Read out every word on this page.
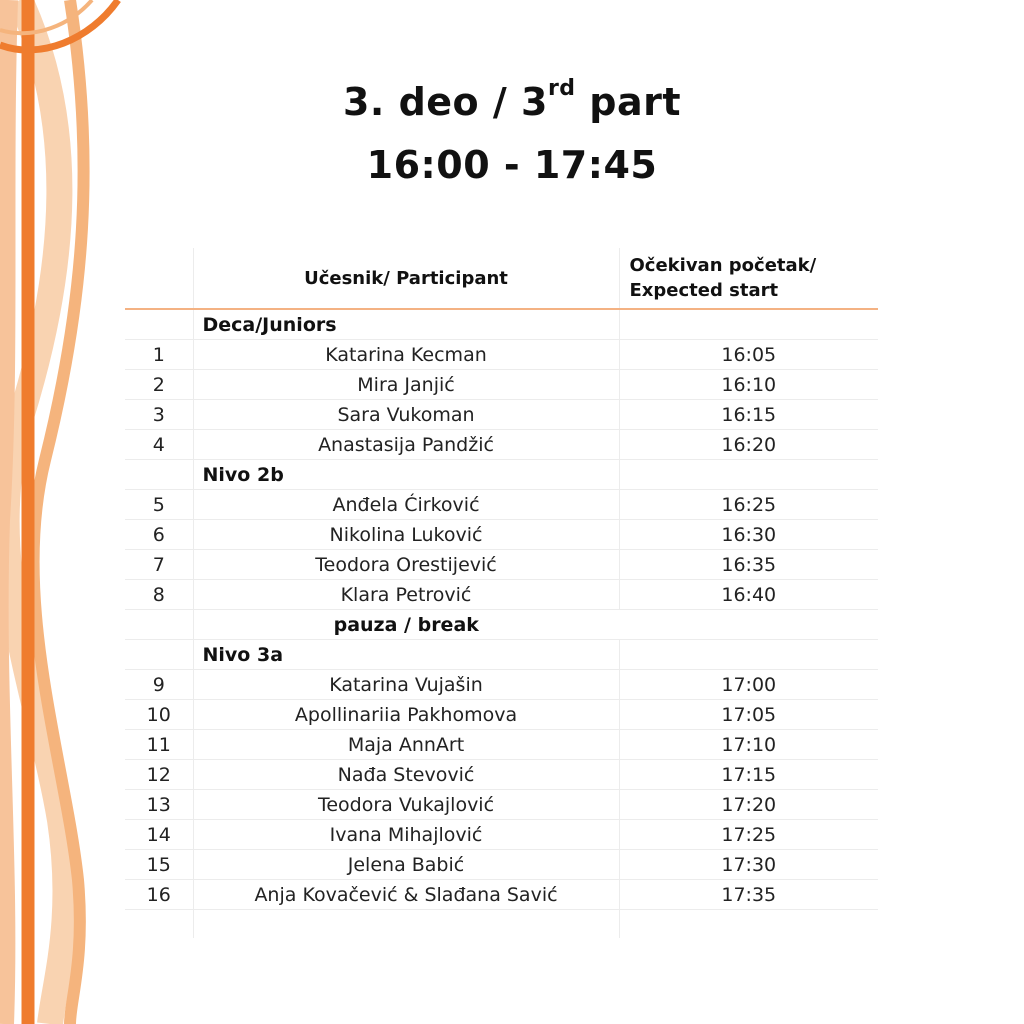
3. deo / 3rd part
16:00 - 17:45
	Učesnik/ Participant	Očekivan početak/
Expected start
	Deca/Juniors	
1	Katarina Kecman	16:05
2	Mira Janjić	16:10
3	Sara Vukoman	16:15
4	Anastasija Pandžić	16:20
	Nivo 2b	
5	Anđela Ćirković	16:25
6	Nikolina Luković	16:30
7	Teodora Orestijević	16:35
8	Klara Petrović	16:40
	pauza / break	
	Nivo 3a	
9	Katarina Vujašin	17:00
10	Apollinariia Pakhomova	17:05
11	Maja AnnArt	17:10
12	Nađa Stevović	17:15
13	Teodora Vukajlović	17:20
14	Ivana Mihajlović	17:25
15	Jelena Babić	17:30
16	Anja Kovačević & Slađana Savić	17:35
